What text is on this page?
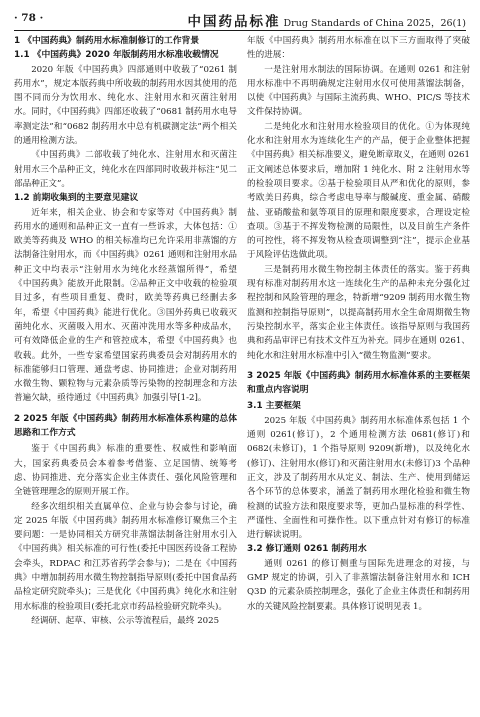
· 78 ·	中国药品标准 Drug Standards of China 2025，26(1)
1 《中国药典》制药用水标准制修订的工作背景
1.1 《中国药典》2020 年版制药用水标准收载情况

2020 年版《中国药典》四部通则中收载了“0261 制药用水”，规定本版药典中所收载的制药用水因其使用的范围不同而分为饮用水、纯化水、注射用水和灭菌注射用水。同时，《中国药典》四部还收载了“0681 制药用水电导率测定法”和“0682 制药用水中总有机碳测定法”两个相关的通用检测方法。

《中国药典》二部收载了纯化水、注射用水和灭菌注射用水三个品种正文，纯化水在四部同时收载并标注“见二部品种正文”。

1.2 前期收集到的主要意见建议

近年来，相关企业、协会和专家等对《中国药典》制药用水的通则和品种正文一直有一些诉求，大体包括：①欧美等药典及 WHO 的相关标准均已允许采用非蒸馏的方法制备注射用水，而《中国药典》0261 通则和注射用水品种正文中均表示“注射用水为纯化水经蒸馏所得”，希望《中国药典》能放开此限制。②品种正文中收载的检验项目过多，有些项目重复、费时，欧美等药典已经删去多年，希望《中国药典》能进行优化。③国外药典已收载灭菌纯化水、灭菌吸入用水、灭菌冲洗用水等多种成品水，可有效降低企业的生产和管控成本，希望《中国药典》也收载。此外，一些专家希望国家药典委员会对制药用水的标准能够归口管理、通盘考虑、协同推进；企业对制药用水微生物、颗粒物与元素杂质等污染物的控制理念和方法普遍欠缺，亟待通过《中国药典》加强引导[1-2]。

2 2025 年版《中国药典》制药用水标准体系构建的总体思路和工作方式

鉴于《中国药典》标准的重要性、权威性和影响面大，国家药典委员会本着参考借鉴、立足国情、统筹考虑、协同推进、充分落实企业主体责任、强化风险管理和全链管理理念的原则开展工作。

经多次组织相关直属单位、企业与协会参与讨论，确定 2025 年版《中国药典》制药用水标准修订聚焦三个主要问题：一是协同相关方研究非蒸馏法制备注射用水引入《中国药典》相关标准的可行性(委托中国医药设备工程协会牵头，RDPAC 和江苏省药学会参与)；二是在《中国药典》中增加制药用水微生物控制指导原则(委托中国食品药品检定研究院牵头)；三是优化《中国药典》纯化水和注射用水标准的检验项目(委托北京市药品检验研究院牵头)。

经调研、起草、审核、公示等流程后，最终 2025

年版《中国药典》制药用水标准在以下三方面取得了突破性的进展：

一是注射用水制法的国际协调。在通则 0261 和注射用水标准中不再明确规定注射用水仅可使用蒸馏法制备，以使《中国药典》与国际主流药典、WHO、PIC/S 等技术文件保持协调。

二是纯化水和注射用水检验项目的优化。①为体现纯化水和注射用水为连续化生产的产品，便于企业整体把握《中国药典》相关标准要义，避免断章取义，在通则 0261 正文阐述总体要求后，增加附 1 纯化水、附 2 注射用水等的检验项目要求。②基于检验项目从严和优化的原则，参考欧美日药典，综合考虑电导率与酸碱度、重金属、硝酸盐、亚硝酸盐和氨等项目的原理和限度要求，合理设定检查项。③基于不挥发物检测的局限性，以及目前生产条件的可控性，将不挥发物从检查项调整到“注”，提示企业基于风险评估选做此项。

三是制药用水微生物控制主体责任的落实。鉴于药典现有标准对制药用水这一连续化生产的品种未充分强化过程控制和风险管理的理念，特新增“9209 制药用水微生物监测和控制指导原则”，以提高制药用水全生命周期微生物污染控制水平，落实企业主体责任。该指导原则与我国药典和药品审评已有技术文件互为补充。同步在通则 0261、纯化水和注射用水标准中引入“微生物监测”要求。

3 2025 年版《中国药典》制药用水标准体系的主要框架和重点内容说明
3.1 主要框架

2025 年版《中国药典》制药用水标准体系包括 1 个通则 0261(修订)，2 个通用检测方法 0681(修订)和 0682(未修订)，1 个指导原则 9209(新增)，以及纯化水(修订)、注射用水(修订)和灭菌注射用水(未修订)3 个品种正文，涉及了制药用水从定义、制法、生产、使用到储运各个环节的总体要求，涵盖了制药用水理化检验和微生物检测的试验方法和限度要求等，更加凸显标准的科学性、严谨性、全面性和可操作性。以下重点针对有修订的标准进行解读说明。

3.2 修订通则 0261 制药用水

通则 0261 的修订侧重与国际先进理念的对接，与 GMP 规定的协调，引入了非蒸馏法制备注射用水和 ICH Q3D 的元素杂质控制理念，强化了企业主体责任和制药用水的关键风险控制要素。具体修订说明见表 1。
